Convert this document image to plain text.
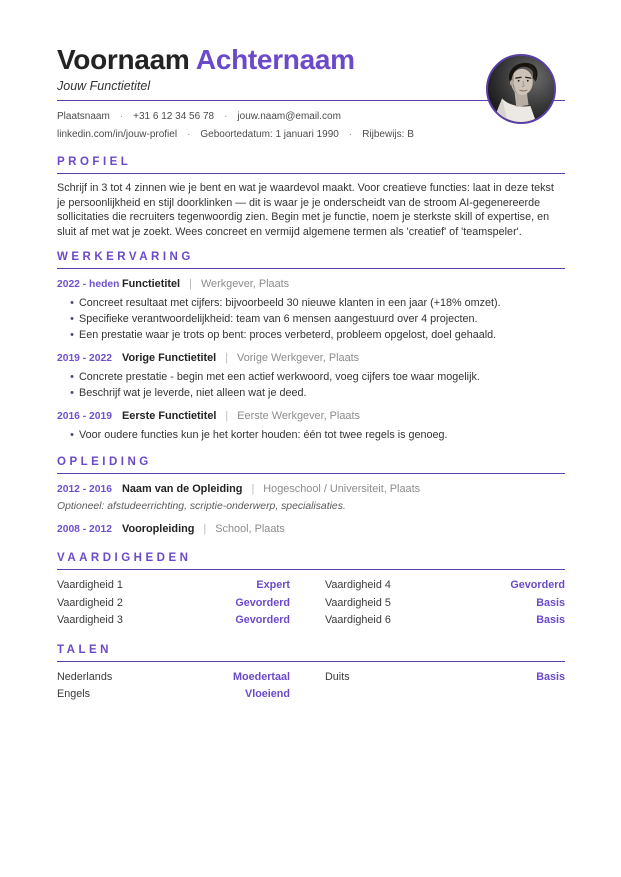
Voornaam Achternaam
Jouw Functietitel
Plaatsnaam · +31 6 12 34 56 78 · jouw.naam@email.com
linkedin.com/in/jouw-profiel · Geboortedatum: 1 januari 1990 · Rijbewijs: B
PROFIEL
Schrijf in 3 tot 4 zinnen wie je bent en wat je waardevol maakt. Voor creatieve functies: laat in deze tekst je persoonlijkheid en stijl doorklinken — dit is waar je je onderscheidt van de stroom AI-gegenereerde sollicitaties die recruiters tegenwoordig zien. Begin met je functie, noem je sterkste skill of expertise, en sluit af met wat je zoekt. Wees concreet en vermijd algemene termen als 'creatief' of 'teamspeler'.
WERKERVARING
2022 - heden Functietitel | Werkgever, Plaats
• Concreet resultaat met cijfers: bijvoorbeeld 30 nieuwe klanten in een jaar (+18% omzet).
• Specifieke verantwoordelijkheid: team van 6 mensen aangestuurd over 4 projecten.
• Een prestatie waar je trots op bent: proces verbeterd, probleem opgelost, doel gehaald.
2019 - 2022 Vorige Functietitel | Vorige Werkgever, Plaats
• Concrete prestatie - begin met een actief werkwoord, voeg cijfers toe waar mogelijk.
• Beschrijf wat je leverde, niet alleen wat je deed.
2016 - 2019 Eerste Functietitel | Eerste Werkgever, Plaats
• Voor oudere functies kun je het korter houden: één tot twee regels is genoeg.
OPLEIDING
2012 - 2016 Naam van de Opleiding | Hogeschool / Universiteit, Plaats
Optioneel: afstudeerrichting, scriptie-onderwerp, specialisaties.
2008 - 2012 Vooropleiding | School, Plaats
VAARDIGHEDEN
Vaardigheid 1	Expert	Vaardigheid 4	Gevorderd
Vaardigheid 2	Gevorderd	Vaardigheid 5	Basis
Vaardigheid 3	Gevorderd	Vaardigheid 6	Basis
TALEN
Nederlands	Moedertaal	Duits	Basis
Engels	Vloeiend
